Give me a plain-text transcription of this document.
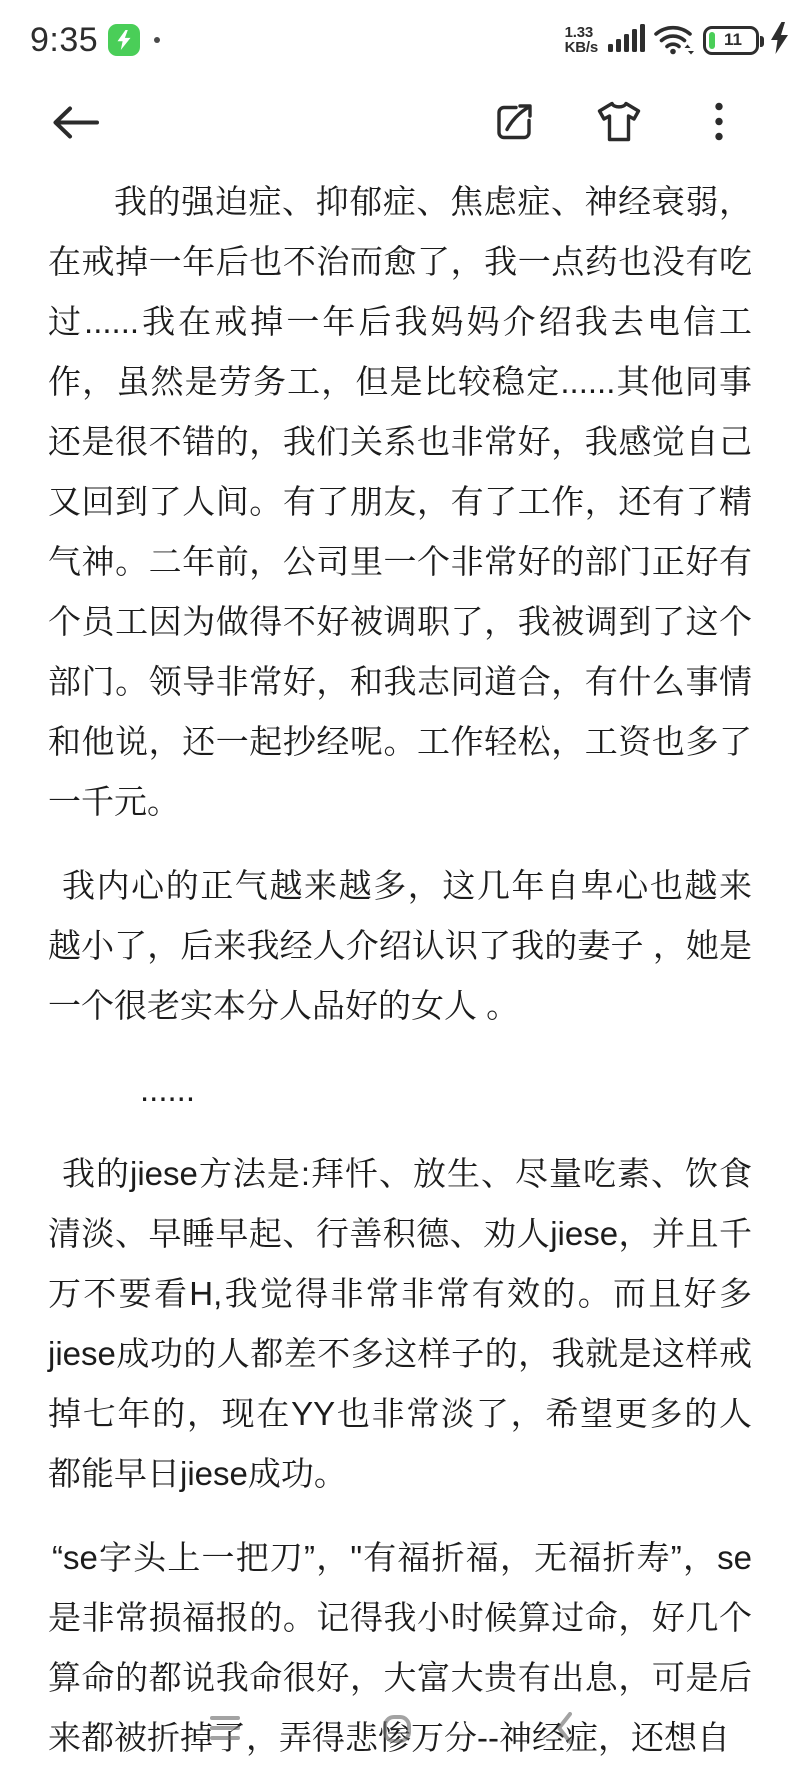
9:35	1.33
KB/s	11

我的强迫症、抑郁症、焦虑症、神经衰弱，在戒掉一年后也不治而愈了，我一点药也没有吃过......我在戒掉一年后我妈妈介绍我去电信工作，虽然是劳务工，但是比较稳定......其他同事还是很不错的，我们关系也非常好，我感觉自己又回到了人间。有了朋友，有了工作，还有了精气神。二年前，公司里一个非常好的部门正好有个员工因为做得不好被调职了，我被调到了这个部门。领导非常好，和我志同道合，有什么事情和他说，还一起抄经呢。工作轻松，工资也多了一千元。

我内心的正气越来越多，这几年自卑心也越来越小了，后来我经人介绍认识了我的妻子 ，她是一个很老实本分人品好的女人 。

......

我的jiese方法是:拜忏、放生、尽量吃素、饮食清淡、早睡早起、行善积德、劝人jiese，并且千万不要看H,我觉得非常非常有效的。而且好多jiese成功的人都差不多这样子的，我就是这样戒掉七年的，现在YY也非常淡了，希望更多的人都能早日jiese成功。

“se字头上一把刀”，"有福折福，无福折寿”，se是非常损福报的。记得我小时候算过命，好几个算命的都说我命很好，大富大贵有出息，可是后来都被折掉了，弄得悲惨万分--神经症，还想自
